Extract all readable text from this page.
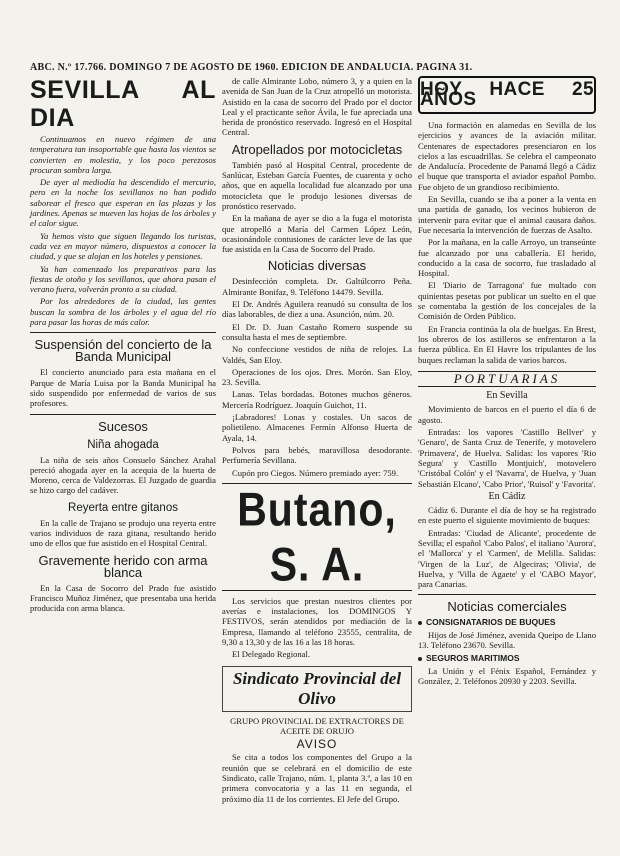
ABC. N.º 17.766. DOMINGO 7 DE AGOSTO DE 1960. EDICION DE ANDALUCIA. PAGINA 31.
SEVILLA AL DIA

Continuamos en nuevo régimen de una temperatura tan insoportable que hasta los vientos se convierten en molestia, y los poco perezosos procuran sombra larga.

De ayer al mediodía ha descendido el mercurio, pero en la noche los sevillanos no han podido saborear el fresco que esperan en las plazas y los jardines. Apenas se mueven las hojas de los árboles y el calor sigue.

Ya hemos visto que siguen llegando los turistas, cada vez en mayor número, dispuestos a conocer la ciudad, y que se alojan en los hoteles y pensiones.

Ya han comenzado los preparativos para las fiestas de otoño y los sevillanos, que ahora pasan el verano fuera, volverán pronto a su ciudad.

Por los alrededores de la ciudad, las gentes buscan la sombra de los árboles y el agua del río para pasar las horas de más calor.

Suspensión del concierto de la Banda Municipal

El concierto anunciado para esta mañana en el Parque de María Luisa por la Banda Municipal ha sido suspendido por enfermedad de varios de sus profesores.

Sucesos
Niña ahogada

La niña de seis años Consuelo Sánchez Arahal pereció ahogada ayer en la acequia de la huerta de Moreno, cerca de Valdezorras. El Juzgado de guardia se hizo cargo del cadáver.

Reyerta entre gitanos

En la calle de Trajano se produjo una reyerta entre varios individuos de raza gitana, resultando herido uno de ellos que fue asistido en el Hospital Central.

Gravemente herido con arma blanca

En la Casa de Socorro del Prado fue asistido Francisco Muñoz Jiménez, que presentaba una herida producida con arma blanca.

de calle Almirante Lobo, número 3, y a quien en la avenida de San Juan de la Cruz atropelló un motorista. Asistido en la casa de socorro del Prado por el doctor Leal y el practicante señor Ávila, le fue apreciada una herida de pronóstico reservado. Ingresó en el Hospital Central.

Atropellados por motocicletas

También pasó al Hospital Central, procedente de Sanlúcar, Esteban García Fuentes, de cuarenta y ocho años, que en aquella localidad fue alcanzado por una motocicleta que le produjo lesiones diversas de pronóstico reservado.

En la mañana de ayer se dio a la fuga el motorista que atropelló a María del Carmen López León, ocasionándole contusiones de carácter leve de las que fue asistida en la Casa de Socorro del Prado.

Noticias diversas

Desinfección completa. Dr. Galtúlcorro Peña. Almirante Bonifaz, 9. Teléfono 14479. Sevilla.

El Dr. Andrés Aguilera reanudó su consulta de los días laborables, de diez a una. Asunción, núm. 20.

El Dr. D. Juan Castaño Romero suspende su consulta hasta el mes de septiembre.

No confeccione vestidos de niña de relojes. La Valdés, San Eloy.

Operaciones de los ojos. Dres. Morón. San Eloy, 23. Sevilla.

Lanas. Telas bordadas. Botones muchos géneros. Mercería Rodríguez. Joaquín Guichot, 11.

¡Labradores! Lonas y costales. Un sacos de polietileno. Almacenes Fermín Alfonso Huerta de Ayala, 14.

Polvos para bebés, maravillosa desodorante. Perfumería Sevillana.

Cupón pro Ciegos. Número premiado ayer: 759.

Butano, S. A.

Los servicios que prestan nuestros clientes por averías e instalaciones, los DOMINGOS Y FESTIVOS, serán atendidos por mediación de la Empresa, llamando al teléfono 23555, centralita, de 9,30 a 13,30 y de las 16 a las 18 horas.

El Delegado Regional.

Sindicato Provincial del Olivo

GRUPO PROVINCIAL DE EXTRACTORES DE ACEITE DE ORUJO

AVISO

Se cita a todos los componentes del Grupo a la reunión que se celebrará en el domicilio de este Sindicato, calle Trajano, núm. 1, planta 3.ª, a las 10 en primera convocatoria y a las 11 en segunda, el próximo día 11 de los corrientes. El Jefe del Grupo.

HOY HACE 25 AÑOS

Una formación en alamedas en Sevilla de los ejercicios y avances de la aviación militar. Centenares de espectadores presenciaron en los cielos a las escuadrillas. Se celebra el campeonato de Andalucía. Procedente de Panamá llegó a Cádiz el buque que transporta el aviador español Pombo. Fue objeto de un grandioso recibimiento.

En Sevilla, cuando se iba a poner a la venta en una partida de ganado, los vecinos hubieron de intervenir para evitar que el animal causara daños. Fue necesaria la intervención de fuerzas de Asalto.

Por la mañana, en la calle Arroyo, un transeúnte fue alcanzado por una caballería. El herido, conducido a la casa de socorro, fue trasladado al Hospital.

El 'Diario de Tarragona' fue multado con quinientas pesetas por publicar un suelto en el que se comentaba la gestión de los concejales de la Comisión de Orden Público.

En Francia continúa la ola de huelgas. En Brest, los obreros de los astilleros se enfrentaron a la fuerza pública. En El Havre los tripulantes de los buques reclaman la salida de varios barcos.

PORTUARIAS
En Sevilla

Movimiento de barcos en el puerto el día 6 de agosto.

Entradas: los vapores 'Castillo Bellver' y 'Genaro', de Santa Cruz de Tenerife, y motovelero 'Primavera', de Huelva. Salidas: los vapores 'Rio Segura' y 'Castillo Montjuich', motovelero 'Cristóbal Colón' y el 'Navarra', de Huelva, y 'Juan Sebastián Elcano', 'Cabo Prior', 'Ruisol' y 'Favorita'.

En Cádiz

Cádiz 6. Durante el día de hoy se ha registrado en este puerto el siguiente movimiento de buques:

Entradas: 'Ciudad de Alicante', procedente de Sevilla; el español 'Cabo Palos', el italiano 'Aurora', el 'Mallorca' y el 'Carmen', de Melilla. Salidas: 'Virgen de la Luz', de Algeciras; 'Olivia', de Huelva, y 'Villa de Agaete' y el 'CABO Mayor', para Canarias.

Noticias comerciales
CONSIGNATARIOS DE BUQUES

Hijos de José Jiménez, avenida Queipo de Llano 13. Teléfono 23670. Sevilla.

SEGUROS MARITIMOS

La Unión y el Fénix Español, Fernández y González, 2. Teléfonos 20930 y 2203. Sevilla.
